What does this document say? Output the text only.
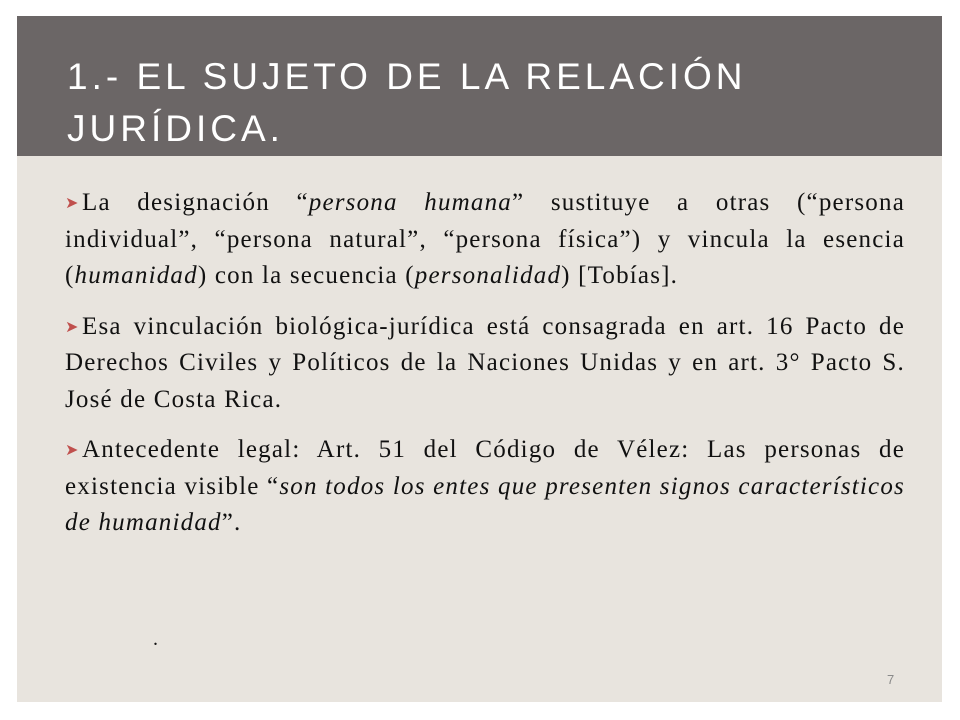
1.- EL SUJETO DE LA RELACIÓN JURÍDICA.

➤La designación “persona humana” sustituye a otras (“persona individual”, “persona natural”, “persona física”) y vincula la esencia (humanidad) con la secuencia (personalidad) [Tobías].

➤Esa vinculación biológica-jurídica está consagrada en art. 16 Pacto de Derechos Civiles y Políticos de la Naciones Unidas y en art. 3° Pacto S. José de Costa Rica.

➤Antecedente legal: Art. 51 del Código de Vélez: Las personas de existencia visible “son todos los entes que presenten signos característicos de humanidad”.

.
7
